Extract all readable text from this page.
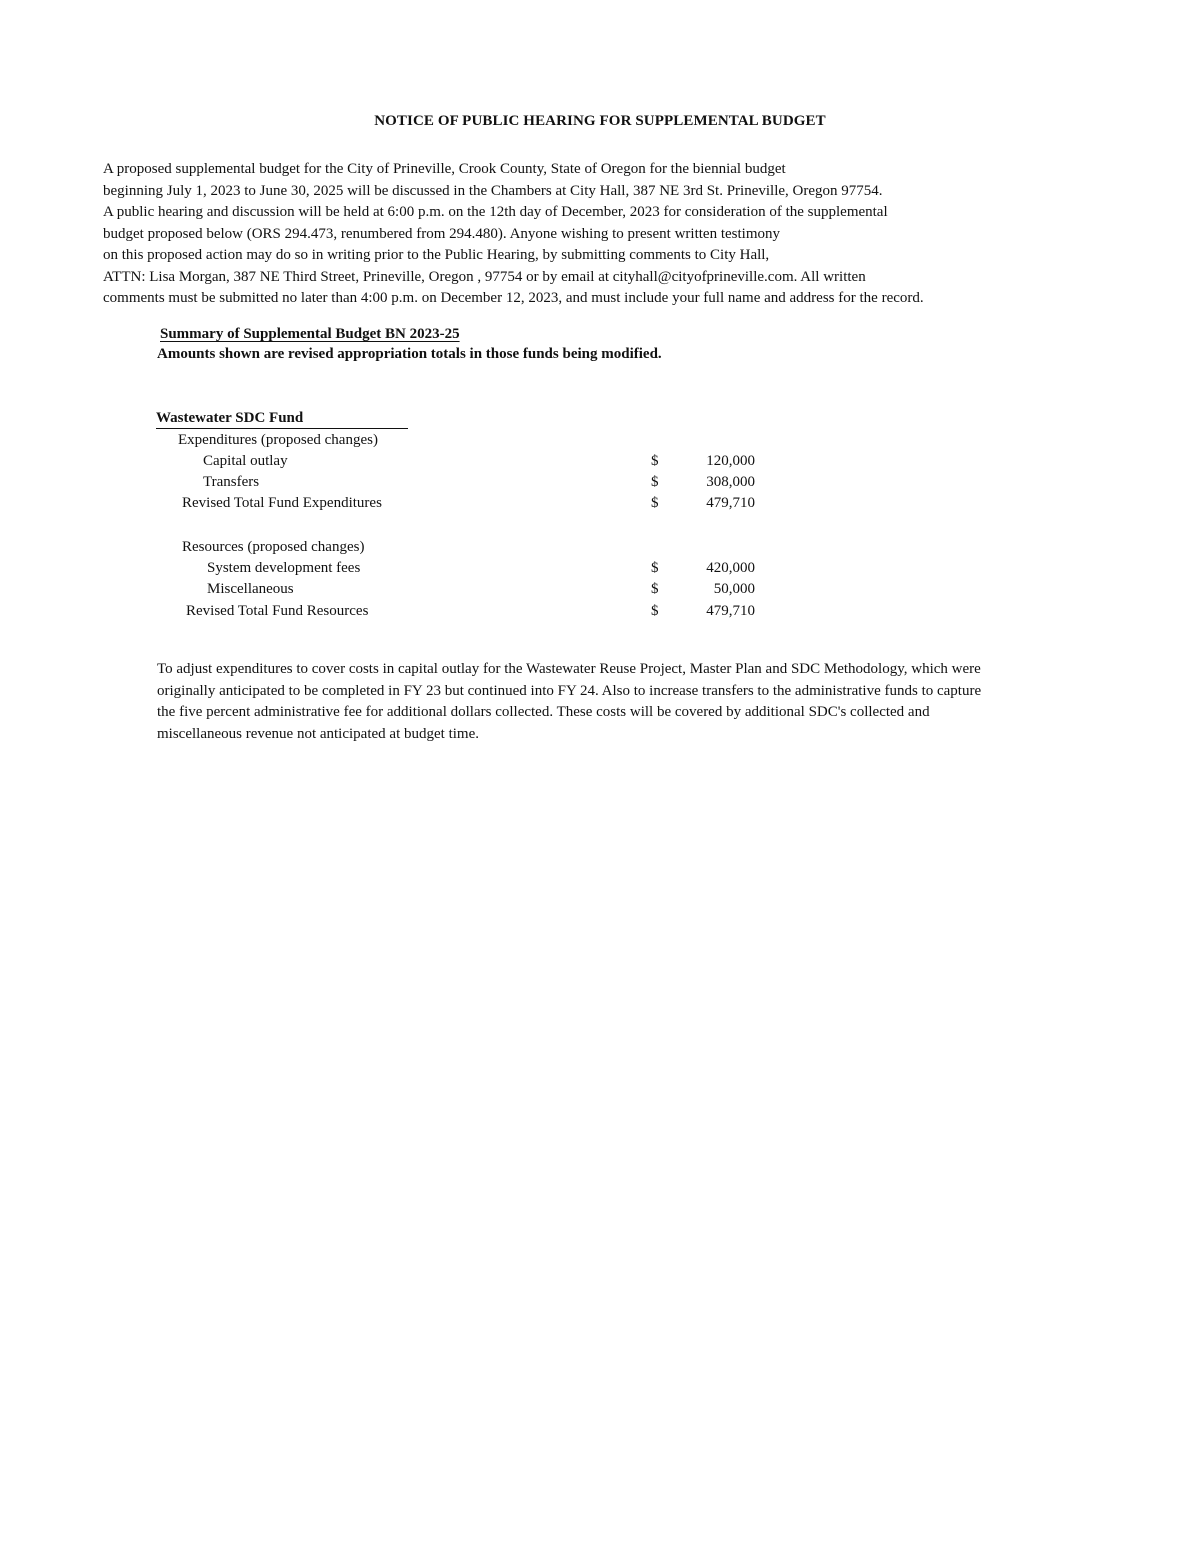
NOTICE OF PUBLIC HEARING FOR SUPPLEMENTAL BUDGET
A proposed supplemental budget for the City of Prineville, Crook County, State of Oregon for the biennial budget
beginning July 1, 2023 to June 30, 2025 will be discussed in the Chambers at City Hall, 387 NE 3rd St. Prineville, Oregon 97754.
A public hearing and discussion will be held at 6:00 p.m. on the 12th day of December, 2023 for consideration of the supplemental
budget proposed below (ORS 294.473, renumbered from 294.480). Anyone wishing to present written testimony
on this proposed action may do so in writing prior to the Public Hearing, by submitting comments to City Hall,
ATTN: Lisa Morgan, 387 NE Third Street, Prineville, Oregon , 97754 or by email at cityhall@cityofprineville.com. All written
comments must be submitted no later than 4:00 p.m. on December 12, 2023, and must include your full name and address for the record.
Summary of Supplemental Budget BN 2023-25
Amounts shown are revised appropriation totals in those funds being modified.
Wastewater SDC Fund
Expenditures (proposed changes)
Capital outlay	$	120,000
Transfers	$	308,000
Revised Total Fund Expenditures	$	479,710
Resources (proposed changes)
System development fees	$	420,000
Miscellaneous	$	50,000
Revised Total Fund Resources	$	479,710
To adjust expenditures to cover costs in capital outlay for the Wastewater Reuse Project, Master Plan and SDC Methodology, which were
originally anticipated to be completed in FY 23 but continued into FY 24. Also to increase transfers to the administrative funds to capture
the five percent administrative fee for additional dollars collected. These costs will be covered by additional SDC's collected and
miscellaneous revenue not anticipated at budget time.
